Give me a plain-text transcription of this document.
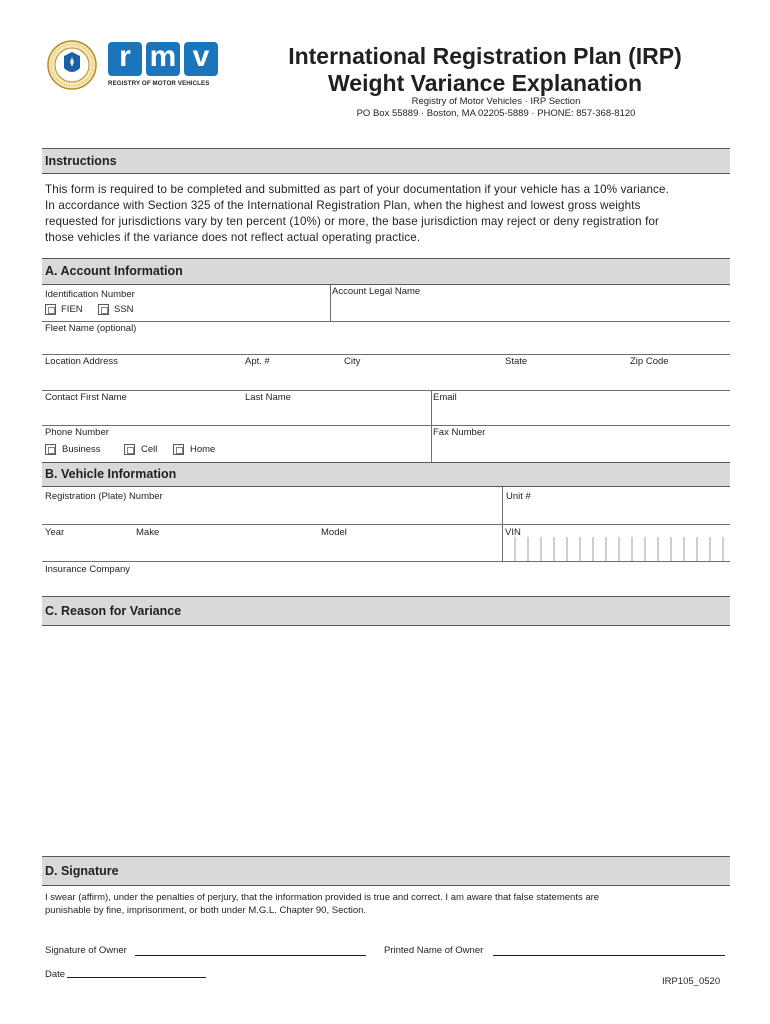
r m v
REGISTRY OF MOTOR VEHICLES
International Registration Plan (IRP)
Weight Variance Explanation
Registry of Motor Vehicles · IRP Section
PO Box 55889 · Boston, MA 02205-5889 · PHONE: 857-368-8120
Instructions
This form is required to be completed and submitted as part of your documentation if your vehicle has a 10% variance.
In accordance with Section 325 of the International Registration Plan, when the highest and lowest gross weights
requested for jurisdictions vary by ten percent (10%) or more, the base jurisdiction may reject or deny registration for
those vehicles if the variance does not reflect actual operating practice.
A. Account Information
Identification Number
FIEN	SSN
Account Legal Name
Fleet Name (optional)
Location Address	Apt. #	City	State	Zip Code
Contact First Name	Last Name	Email
Phone Number	Fax Number
Business	Cell	Home
B. Vehicle Information
Registration (Plate) Number	Unit #
Year	Make	Model	VIN
Insurance Company
C. Reason for Variance
D. Signature
I swear (affirm), under the penalties of perjury, that the information provided is true and correct. I am aware that false statements are
punishable by fine, imprisonment, or both under M.G.L. Chapter 90, Section.
Signature of Owner	Printed Name of Owner
Date
IRP105_0520
